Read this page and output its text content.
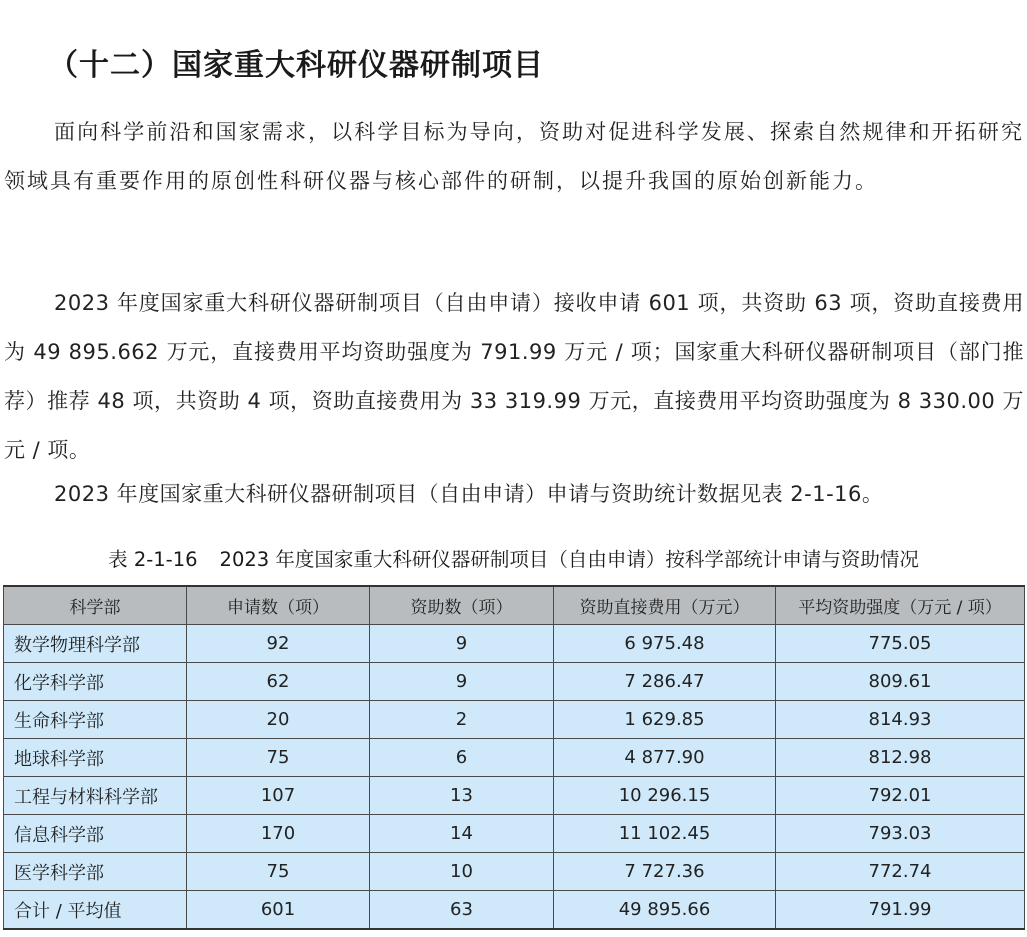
（十二）国家重大科研仪器研制项目

面向科学前沿和国家需求，以科学目标为导向，资助对促进科学发展、探索自然规律和开拓研究领域具有重要作用的原创性科研仪器与核心部件的研制，以提升我国的原始创新能力。

2023 年度国家重大科研仪器研制项目（自由申请）接收申请 601 项，共资助 63 项，资助直接费用为 49 895.662 万元，直接费用平均资助强度为 791.99 万元 / 项；国家重大科研仪器研制项目（部门推荐）推荐 48 项，共资助 4 项，资助直接费用为 33 319.99 万元，直接费用平均资助强度为 8 330.00 万元 / 项。

2023 年度国家重大科研仪器研制项目（自由申请）申请与资助统计数据见表 2-1-16。

表 2-1-16 2023 年度国家重大科研仪器研制项目（自由申请）按科学部统计申请与资助情况
科学部	申请数（项）	资助数（项）	资助直接费用（万元）	平均资助强度（万元 / 项）
数学物理科学部	92	9	6 975.48	775.05
化学科学部	62	9	7 286.47	809.61
生命科学部	20	2	1 629.85	814.93
地球科学部	75	6	4 877.90	812.98
工程与材料科学部	107	13	10 296.15	792.01
信息科学部	170	14	11 102.45	793.03
医学科学部	75	10	7 727.36	772.74
合计 / 平均值	601	63	49 895.66	791.99
